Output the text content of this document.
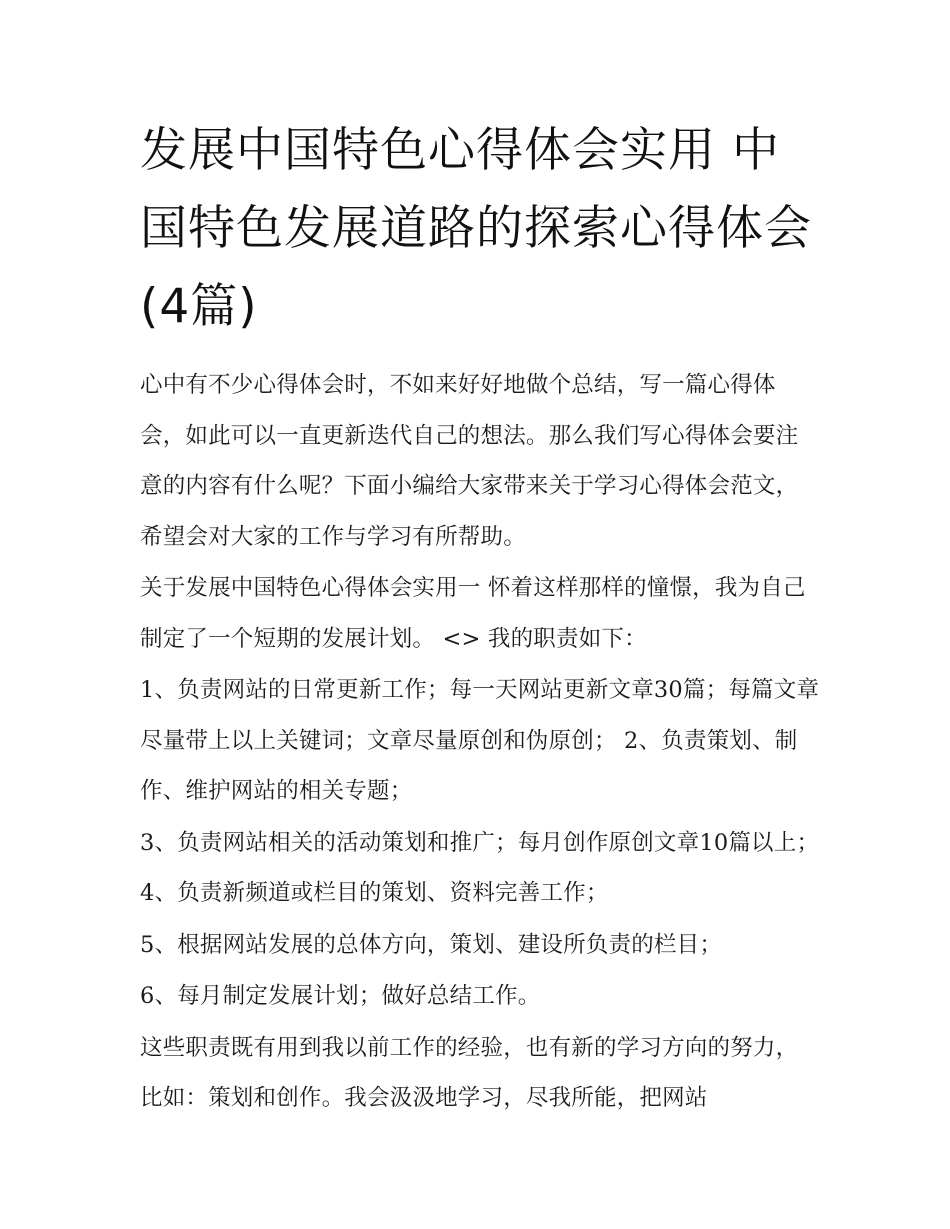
发展中国特色心得体会实用 中国特色发展道路的探索心得体会(4篇)

心中有不少心得体会时，不如来好好地做个总结，写一篇心得体会，如此可以一直更新迭代自己的想法。那么我们写心得体会要注意的内容有什么呢？下面小编给大家带来关于学习心得体会范文，希望会对大家的工作与学习有所帮助。

关于发展中国特色心得体会实用一 怀着这样那样的憧憬，我为自己制定了一个短期的发展计划。 <> 我的职责如下：

1、负责网站的日常更新工作；每一天网站更新文章30篇；每篇文章尽量带上以上关键词；文章尽量原创和伪原创； 2、负责策划、制作、维护网站的相关专题；

3、负责网站相关的活动策划和推广；每月创作原创文章10篇以上； 4、负责新频道或栏目的策划、资料完善工作；

5、根据网站发展的总体方向，策划、建设所负责的栏目；

6、每月制定发展计划；做好总结工作。

这些职责既有用到我以前工作的经验，也有新的学习方向的努力，比如：策划和创作。我会汲汲地学习，尽我所能，把网站
